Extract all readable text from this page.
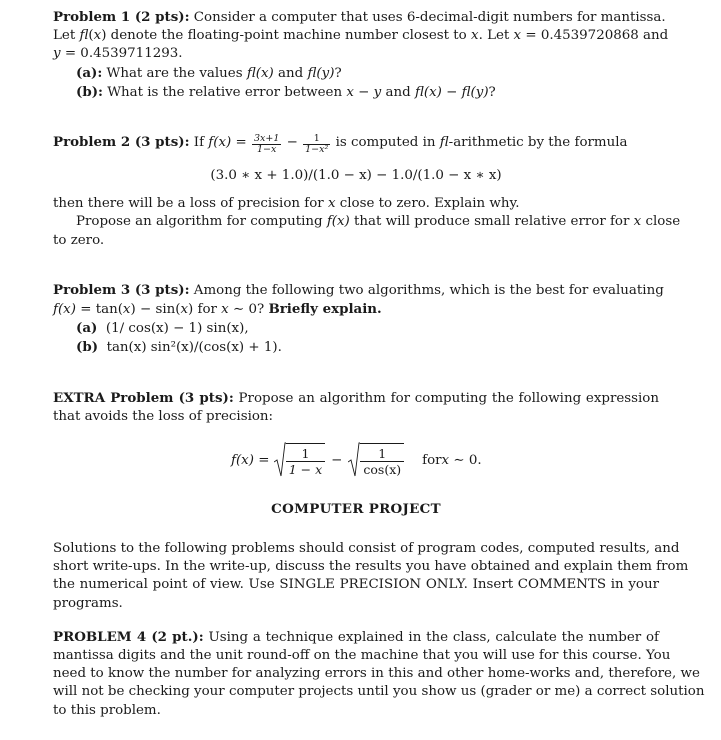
Problem 1 (2 pts): Consider a computer that uses 6-decimal-digit numbers for mantissa.
Let fl(x) denote the floating-point machine number closest to x. Let x = 0.4539720868 and
y = 0.4539711293.
(a): What are the values fl(x) and fl(y)?
(b): What is the relative error between x − y and fl(x) − fl(y)?
Problem 2 (3 pts): If $f(x) = \frac{3x+1}{1-x} - \frac{1}{\text{1−x²}}$ is computed in fl-arithmetic by the formula
(3.0 ∗ x + 1.0)/(1.0 − x) − 1.0/(1.0 − x ∗ x)
then there will be a loss of precision for x close to zero. Explain why.
Propose an algorithm for computing f(x) that will produce small relative error for x close
to zero.
Problem 3 (3 pts): Among the following two algorithms, which is the best for evaluating
f(x) = tan(x) − sin(x) for x ∼ 0? Briefly explain.
(a) (1/ cos(x) − 1) sin(x),
(b) tan(x) sin²(x)/(cos(x) + 1).
EXTRA Problem (3 pts): Propose an algorithm for computing the following expression
that avoids the loss of precision:
$f(x) = \frac{1}{1 - x} - \frac{1}{\cos(x)}$ for x ∼ 0.
COMPUTER PROJECT
Solutions to the following problems should consist of program codes, computed results, and
short write-ups. In the write-up, discuss the results you have obtained and explain them from
the numerical point of view. Use SINGLE PRECISION ONLY. Insert COMMENTS in your
programs.
PROBLEM 4 (2 pt.): Using a technique explained in the class, calculate the number of
mantissa digits and the unit round-off on the machine that you will use for this course. You
need to know the number for analyzing errors in this and other home-works and, therefore, we
will not be checking your computer projects until you show us (grader or me) a correct solution
to this problem.
